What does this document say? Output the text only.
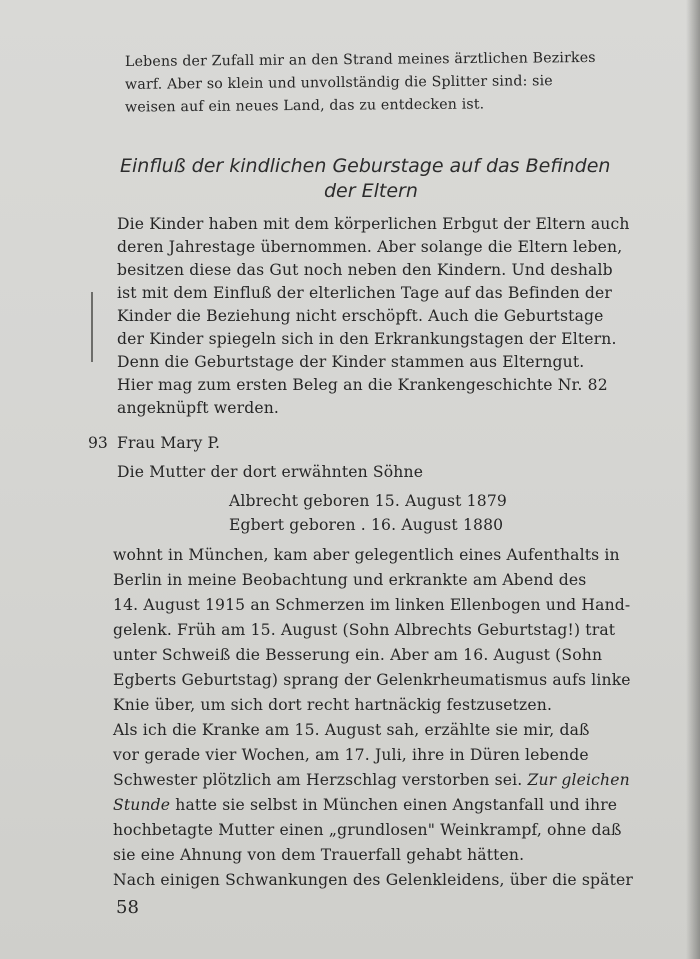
Lebens der Zufall mir an den Strand meines ärztlichen Bezirkes
warf. Aber so klein und unvollständig die Splitter sind: sie
weisen auf ein neues Land, das zu entdecken ist.
Einfluß der kindlichen Geburstage auf das Befinden
der Eltern
Die Kinder haben mit dem körperlichen Erbgut der Eltern auch
deren Jahrestage übernommen. Aber solange die Eltern leben,
besitzen diese das Gut noch neben den Kindern. Und deshalb
ist mit dem Einfluß der elterlichen Tage auf das Befinden der
Kinder die Beziehung nicht erschöpft. Auch die Geburtstage
der Kinder spiegeln sich in den Erkrankungstagen der Eltern.
Denn die Geburtstage der Kinder stammen aus Elterngut.
Hier mag zum ersten Beleg an die Krankengeschichte Nr. 82
angeknüpft werden.
93 Frau Mary P.
Die Mutter der dort erwähnten Söhne
Albrecht geboren 15. August 1879
Egbert geboren . 16. August 1880
wohnt in München, kam aber gelegentlich eines Aufenthalts in
Berlin in meine Beobachtung und erkrankte am Abend des
14. August 1915 an Schmerzen im linken Ellenbogen und Hand-
gelenk. Früh am 15. August (Sohn Albrechts Geburtstag!) trat
unter Schweiß die Besserung ein. Aber am 16. August (Sohn
Egberts Geburtstag) sprang der Gelenkrheumatismus aufs linke
Knie über, um sich dort recht hartnäckig festzusetzen.
Als ich die Kranke am 15. August sah, erzählte sie mir, daß
vor gerade vier Wochen, am 17. Juli, ihre in Düren lebende
Schwester plötzlich am Herzschlag verstorben sei. Zur gleichen
Stunde hatte sie selbst in München einen Angstanfall und ihre
hochbetagte Mutter einen „grundlosen" Weinkrampf, ohne daß
sie eine Ahnung von dem Trauerfall gehabt hätten.
Nach einigen Schwankungen des Gelenkleidens, über die später
58
